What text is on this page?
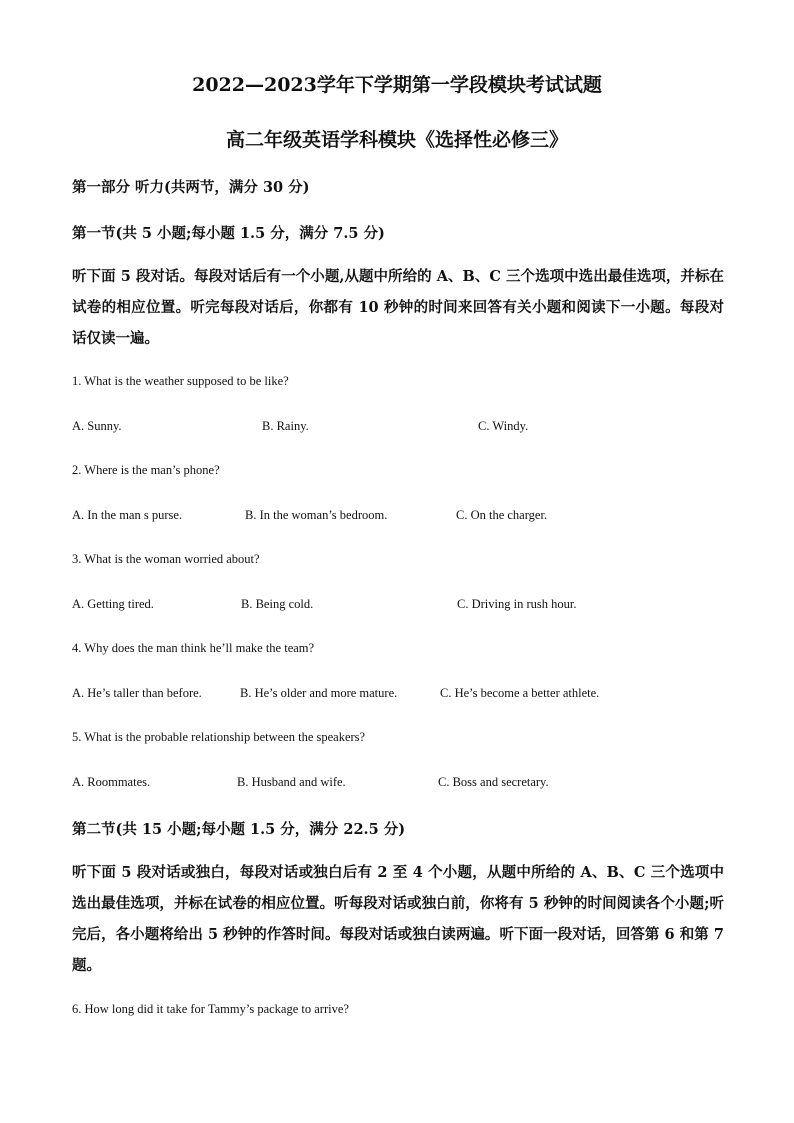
2022—2023学年下学期第一学段模块考试试题
高二年级英语学科模块《选择性必修三》
第一部分 听力(共两节，满分 30 分)
第一节(共 5 小题;每小题 1.5 分，满分 7.5 分)
听下面 5 段对话。每段对话后有一个小题,从题中所给的 A、B、C 三个选项中选出最佳选项，并标在试卷的相应位置。听完每段对话后，你都有 10 秒钟的时间来回答有关小题和阅读下一小题。每段对话仅读一遍。
1. What is the weather supposed to be like?
A. Sunny.	B. Rainy.	C. Windy.
2. Where is the man’s phone?
A. In the man s purse.	B. In the woman’s bedroom.	C. On the charger.
3. What is the woman worried about?
A. Getting tired.	B. Being cold.	C. Driving in rush hour.
4. Why does the man think he’ll make the team?
A. He’s taller than before.	B. He’s older and more mature.	C. He’s become a better athlete.
5. What is the probable relationship between the speakers?
A. Roommates.	B. Husband and wife.	C. Boss and secretary.
第二节(共 15 小题;每小题 1.5 分，满分 22.5 分)
听下面 5 段对话或独白，每段对话或独白后有 2 至 4 个小题，从题中所给的 A、B、C 三个选项中选出最佳选项，并标在试卷的相应位置。听每段对话或独白前，你将有 5 秒钟的时间阅读各个小题;听完后，各小题将给出 5 秒钟的作答时间。每段对话或独白读两遍。听下面一段对话，回答第 6 和第 7 题。
6. How long did it take for Tammy’s package to arrive?
